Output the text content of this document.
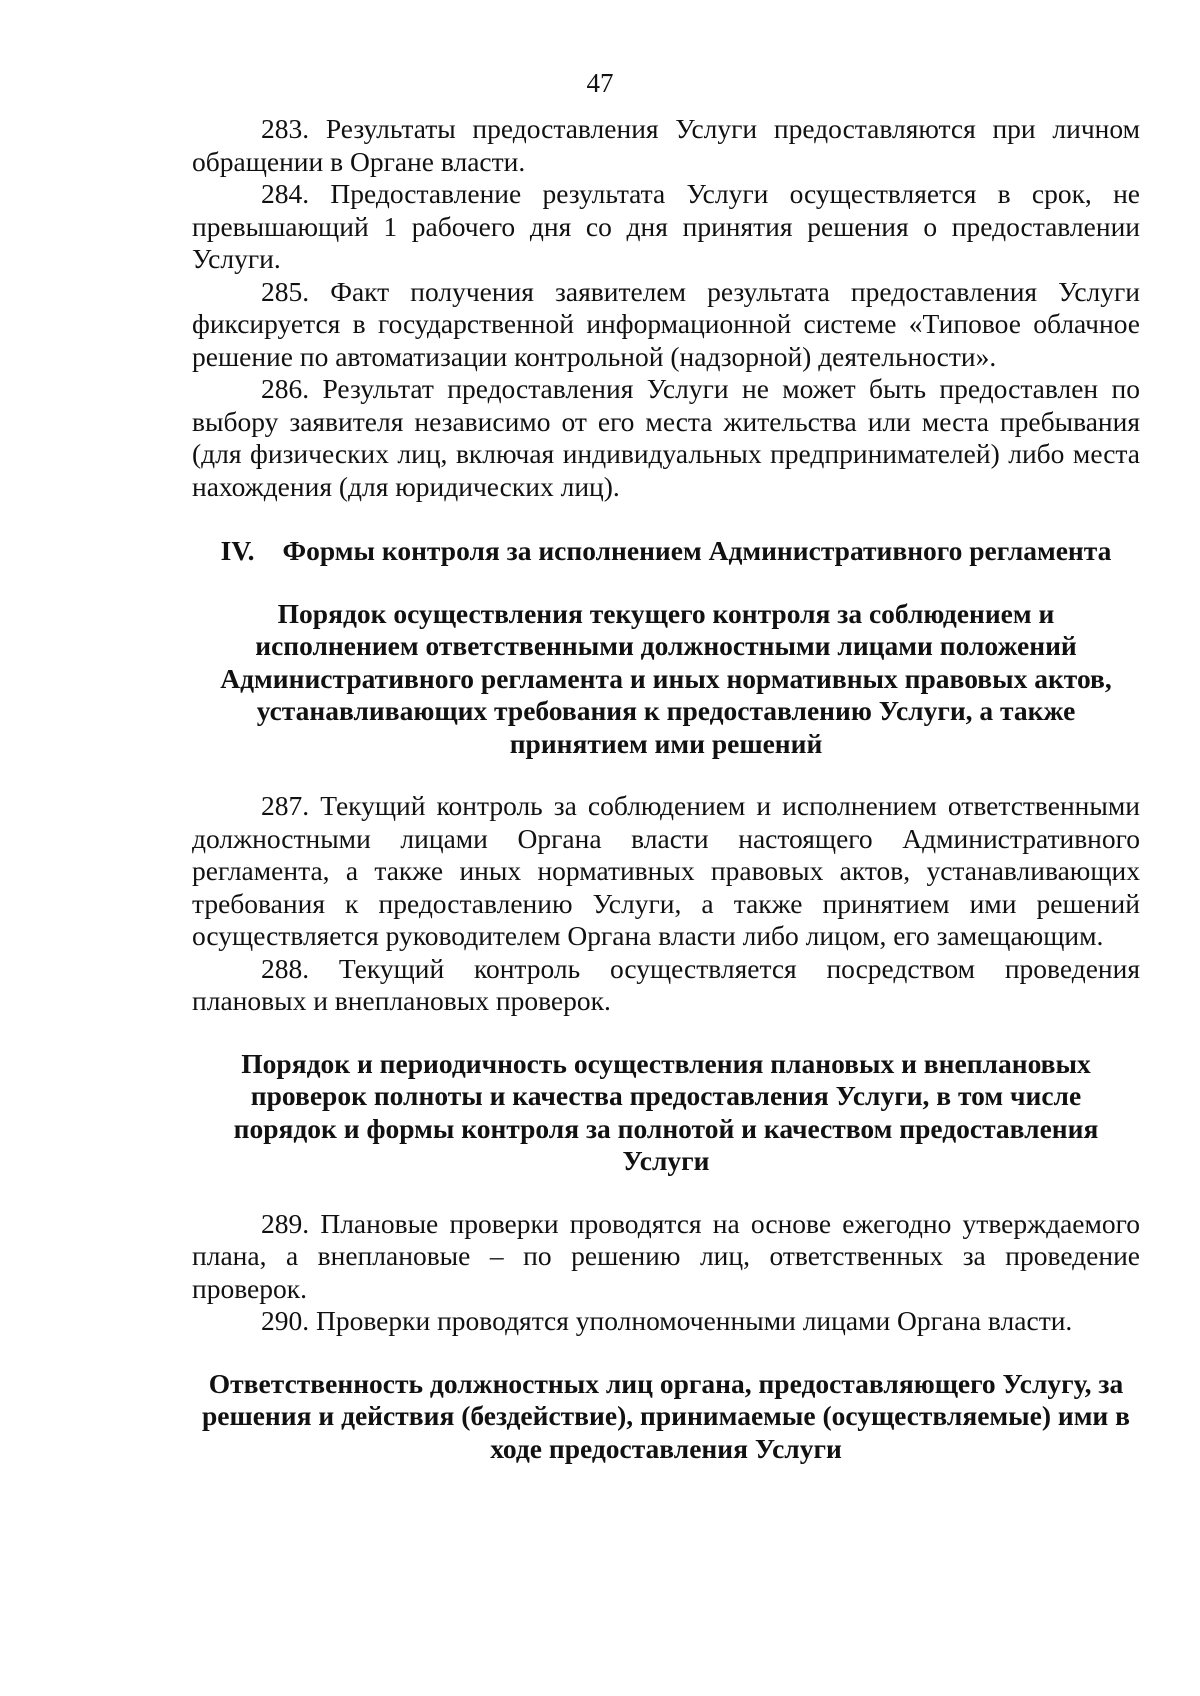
47

283. Результаты предоставления Услуги предоставляются при личном обращении в Органе власти.

284. Предоставление результата Услуги осуществляется в срок, не превышающий 1 рабочего дня со дня принятия решения о предоставлении Услуги.

285. Факт получения заявителем результата предоставления Услуги фиксируется в государственной информационной системе «Типовое облачное решение по автоматизации контрольной (надзорной) деятельности».

286. Результат предоставления Услуги не может быть предоставлен по выбору заявителя независимо от его места жительства или места пребывания (для физических лиц, включая индивидуальных предпринимателей) либо места нахождения (для юридических лиц).

IV. Формы контроля за исполнением Административного регламента
Порядок осуществления текущего контроля за соблюдением и исполнением ответственными должностными лицами положений Административного регламента и иных нормативных правовых актов, устанавливающих требования к предоставлению Услуги, а также принятием ими решений

287. Текущий контроль за соблюдением и исполнением ответственными должностными лицами Органа власти настоящего Административного регламента, а также иных нормативных правовых актов, устанавливающих требования к предоставлению Услуги, а также принятием ими решений осуществляется руководителем Органа власти либо лицом, его замещающим.

288. Текущий контроль осуществляется посредством проведения плановых и внеплановых проверок.

Порядок и периодичность осуществления плановых и внеплановых проверок полноты и качества предоставления Услуги, в том числе порядок и формы контроля за полнотой и качеством предоставления Услуги

289. Плановые проверки проводятся на основе ежегодно утверждаемого плана, а внеплановые – по решению лиц, ответственных за проведение проверок.

290. Проверки проводятся уполномоченными лицами Органа власти.

Ответственность должностных лиц органа, предоставляющего Услугу, за решения и действия (бездействие), принимаемые (осуществляемые) ими в ходе предоставления Услуги
